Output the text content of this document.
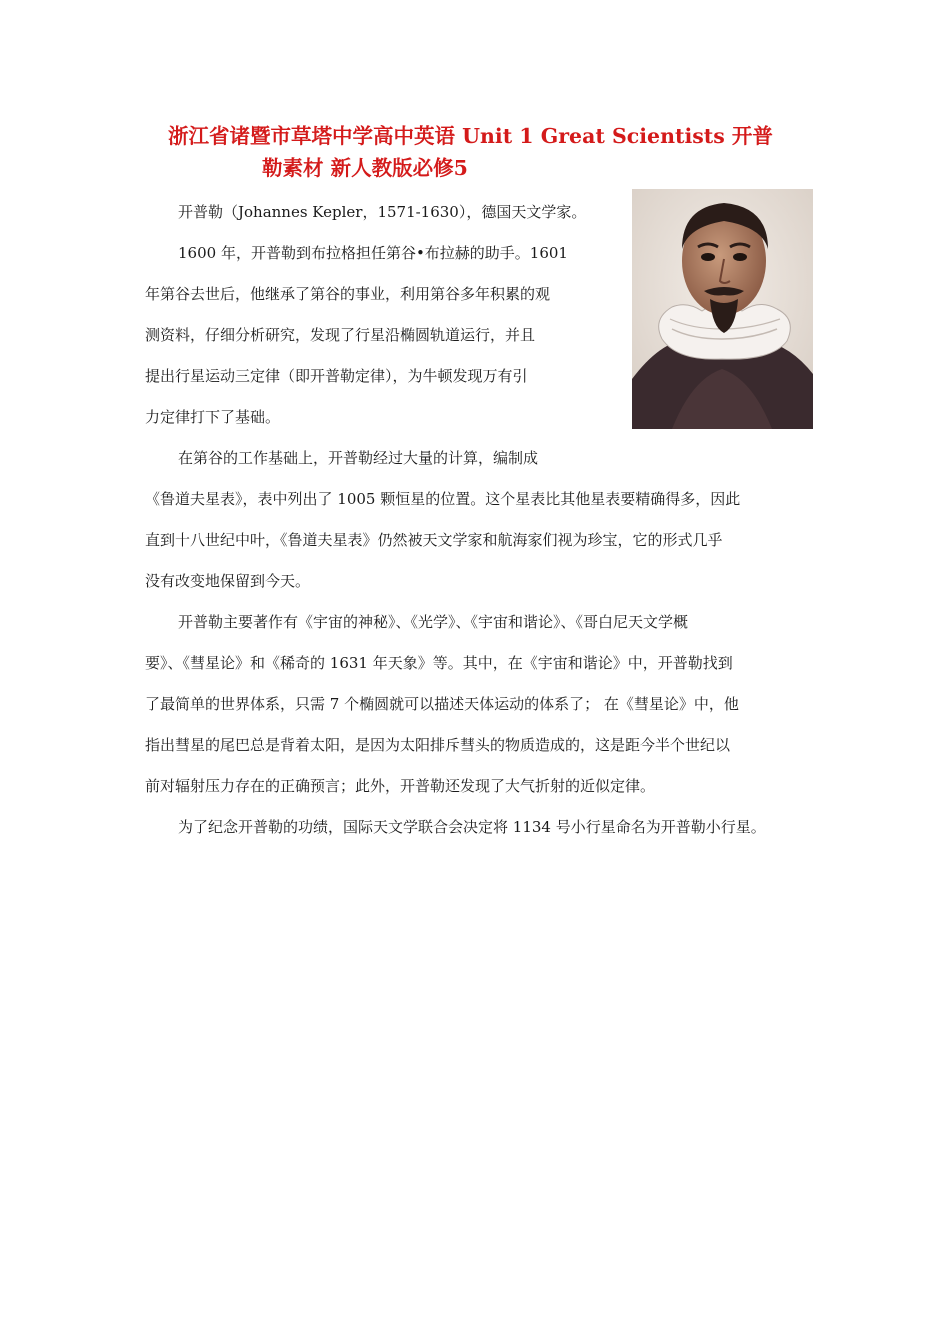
浙江省诸暨市草塔中学高中英语 Unit 1 Great Scientists 开普
勒素材 新人教版必修5
开普勒（Johannes Kepler，1571-1630），德国天文学家。
1600 年，开普勒到布拉格担任第谷•布拉赫的助手。1601
年第谷去世后，他继承了第谷的事业，利用第谷多年积累的观
测资料，仔细分析研究，发现了行星沿椭圆轨道运行，并且
提出行星运动三定律（即开普勒定律），为牛顿发现万有引
力定律打下了基础。
在第谷的工作基础上，开普勒经过大量的计算，编制成
《鲁道夫星表》，表中列出了 1005 颗恒星的位置。这个星表比其他星表要精确得多，因此
直到十八世纪中叶，《鲁道夫星表》仍然被天文学家和航海家们视为珍宝，它的形式几乎
没有改变地保留到今天。
开普勒主要著作有《宇宙的神秘》、《光学》、《宇宙和谐论》、《哥白尼天文学概
要》、《彗星论》和《稀奇的 1631 年天象》等。其中，在《宇宙和谐论》中，开普勒找到
了最简单的世界体系，只需 7 个椭圆就可以描述天体运动的体系了； 在《彗星论》中，他
指出彗星的尾巴总是背着太阳，是因为太阳排斥彗头的物质造成的，这是距今半个世纪以
前对辐射压力存在的正确预言；此外，开普勒还发现了大气折射的近似定律。
为了纪念开普勒的功绩，国际天文学联合会决定将 1134 号小行星命名为开普勒小行星。
